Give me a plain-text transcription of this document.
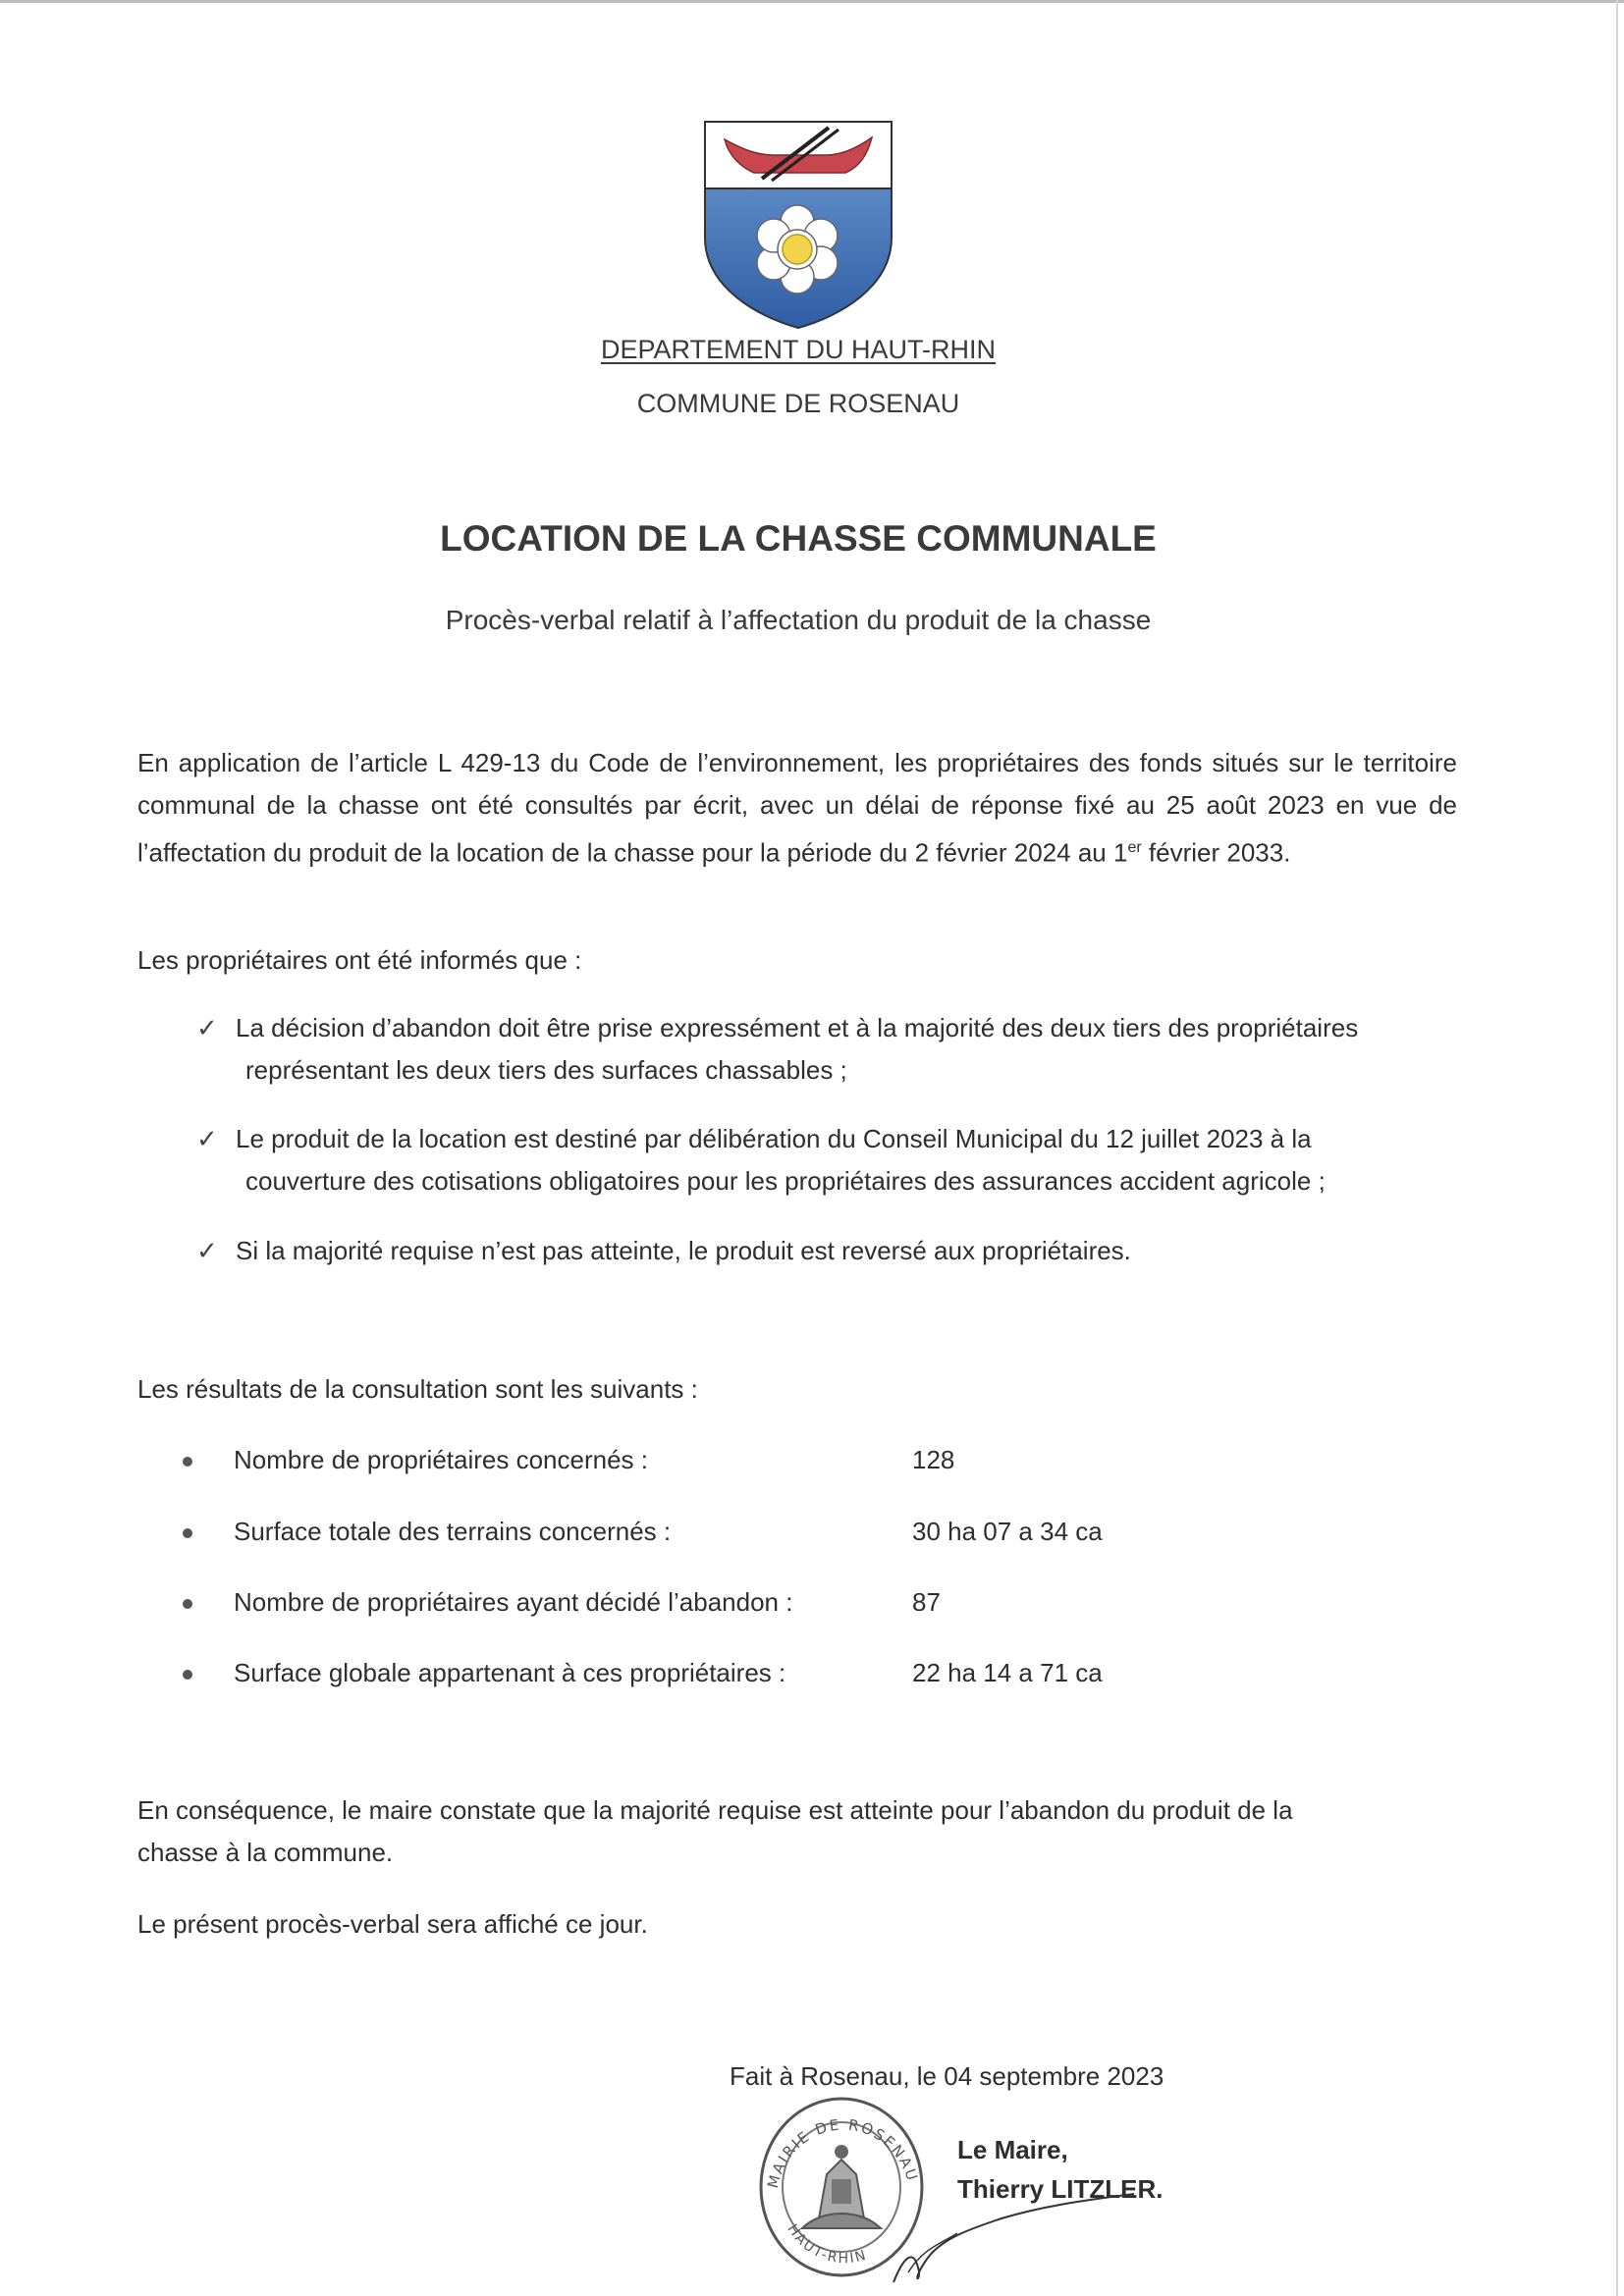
DEPARTEMENT DU HAUT-RHIN
COMMUNE DE ROSENAU
LOCATION DE LA CHASSE COMMUNALE
Procès-verbal relatif à l’affectation du produit de la chasse

En application de l’article L 429-13 du Code de l’environnement, les propriétaires des fonds situés sur le territoire communal de la chasse ont été consultés par écrit, avec un délai de réponse fixé au 25 août 2023 en vue de l’affectation du produit de la location de la chasse pour la période du 2 février 2024 au 1er février 2033.

Les propriétaires ont été informés que :

✓ La décision d’abandon doit être prise expressément et à la majorité des deux tiers des propriétaires
représentant les deux tiers des surfaces chassables ;

✓ Le produit de la location est destiné par délibération du Conseil Municipal du 12 juillet 2023 à la
couverture des cotisations obligatoires pour les propriétaires des assurances accident agricole ;

✓ Si la majorité requise n’est pas atteinte, le produit est reversé aux propriétaires.

Les résultats de la consultation sont les suivants :

Nombre de propriétaires concernés :	128
Surface totale des terrains concernés :	30 ha 07 a 34 ca
Nombre de propriétaires ayant décidé l’abandon :	87
Surface globale appartenant à ces propriétaires :	22 ha 14 a 71 ca

En conséquence, le maire constate que la majorité requise est atteinte pour l’abandon du produit de la
chasse à la commune.

Le présent procès-verbal sera affiché ce jour.

Fait à Rosenau, le 04 septembre 2023
MAIRIE DE ROSENAU
HAUT-RHIN
Le Maire,
Thierry LITZLER.
